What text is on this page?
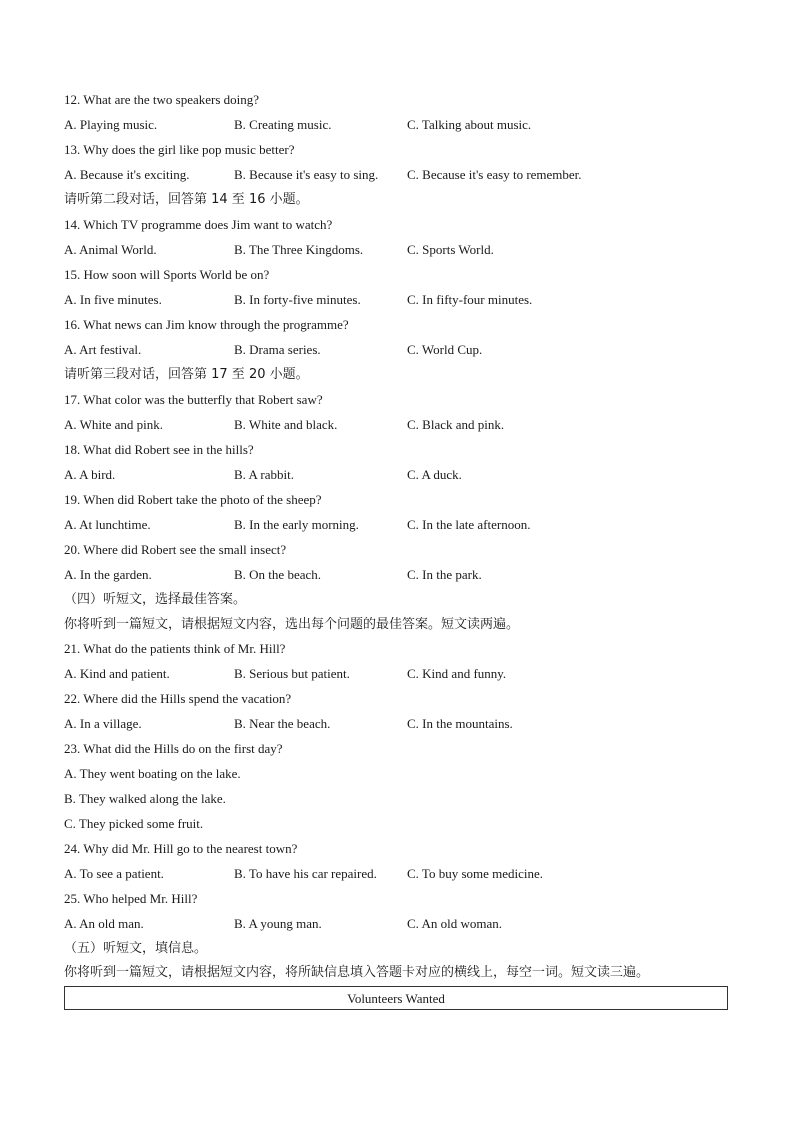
12. What are the two speakers doing?
A. Playing music.	B. Creating music.	C. Talking about music.
13. Why does the girl like pop music better?
A. Because it's exciting.	B. Because it's easy to sing. C. Because it's easy to remember.
请听第二段对话，回答第 14 至 16 小题。
14. Which TV programme does Jim want to watch?
A. Animal World.	B. The Three Kingdoms.	C. Sports World.
15. How soon will Sports World be on?
A. In five minutes.	B. In forty-five minutes.	C. In fifty-four minutes.
16. What news can Jim know through the programme?
A. Art festival.	B. Drama series.	C. World Cup.
请听第三段对话，回答第 17 至 20 小题。
17. What color was the butterfly that Robert saw?
A. White and pink.	B. White and black.	C. Black and pink.
18. What did Robert see in the hills?
A. A bird.	B. A rabbit.	C. A duck.
19. When did Robert take the photo of the sheep?
A. At lunchtime.	B. In the early morning.	C. In the late afternoon.
20. Where did Robert see the small insect?
A. In the garden.	B. On the beach.	C. In the park.
（四）听短文，选择最佳答案。
你将听到一篇短文，请根据短文内容，选出每个问题的最佳答案。短文读两遍。
21. What do the patients think of Mr. Hill?
A. Kind and patient.	B. Serious but patient.	C. Kind and funny.
22. Where did the Hills spend the vacation?
A. In a village.	B. Near the beach.	C. In the mountains.
23. What did the Hills do on the first day?
A. They went boating on the lake.
B. They walked along the lake.
C. They picked some fruit.
24. Why did Mr. Hill go to the nearest town?
A. To see a patient.	B. To have his car repaired. C. To buy some medicine.
25. Who helped Mr. Hill?
A. An old man.	B. A young man.	C. An old woman.
（五）听短文，填信息。
你将听到一篇短文，请根据短文内容，将所缺信息填入答题卡对应的横线上，每空一词。短文读三遍。
Volunteers Wanted
